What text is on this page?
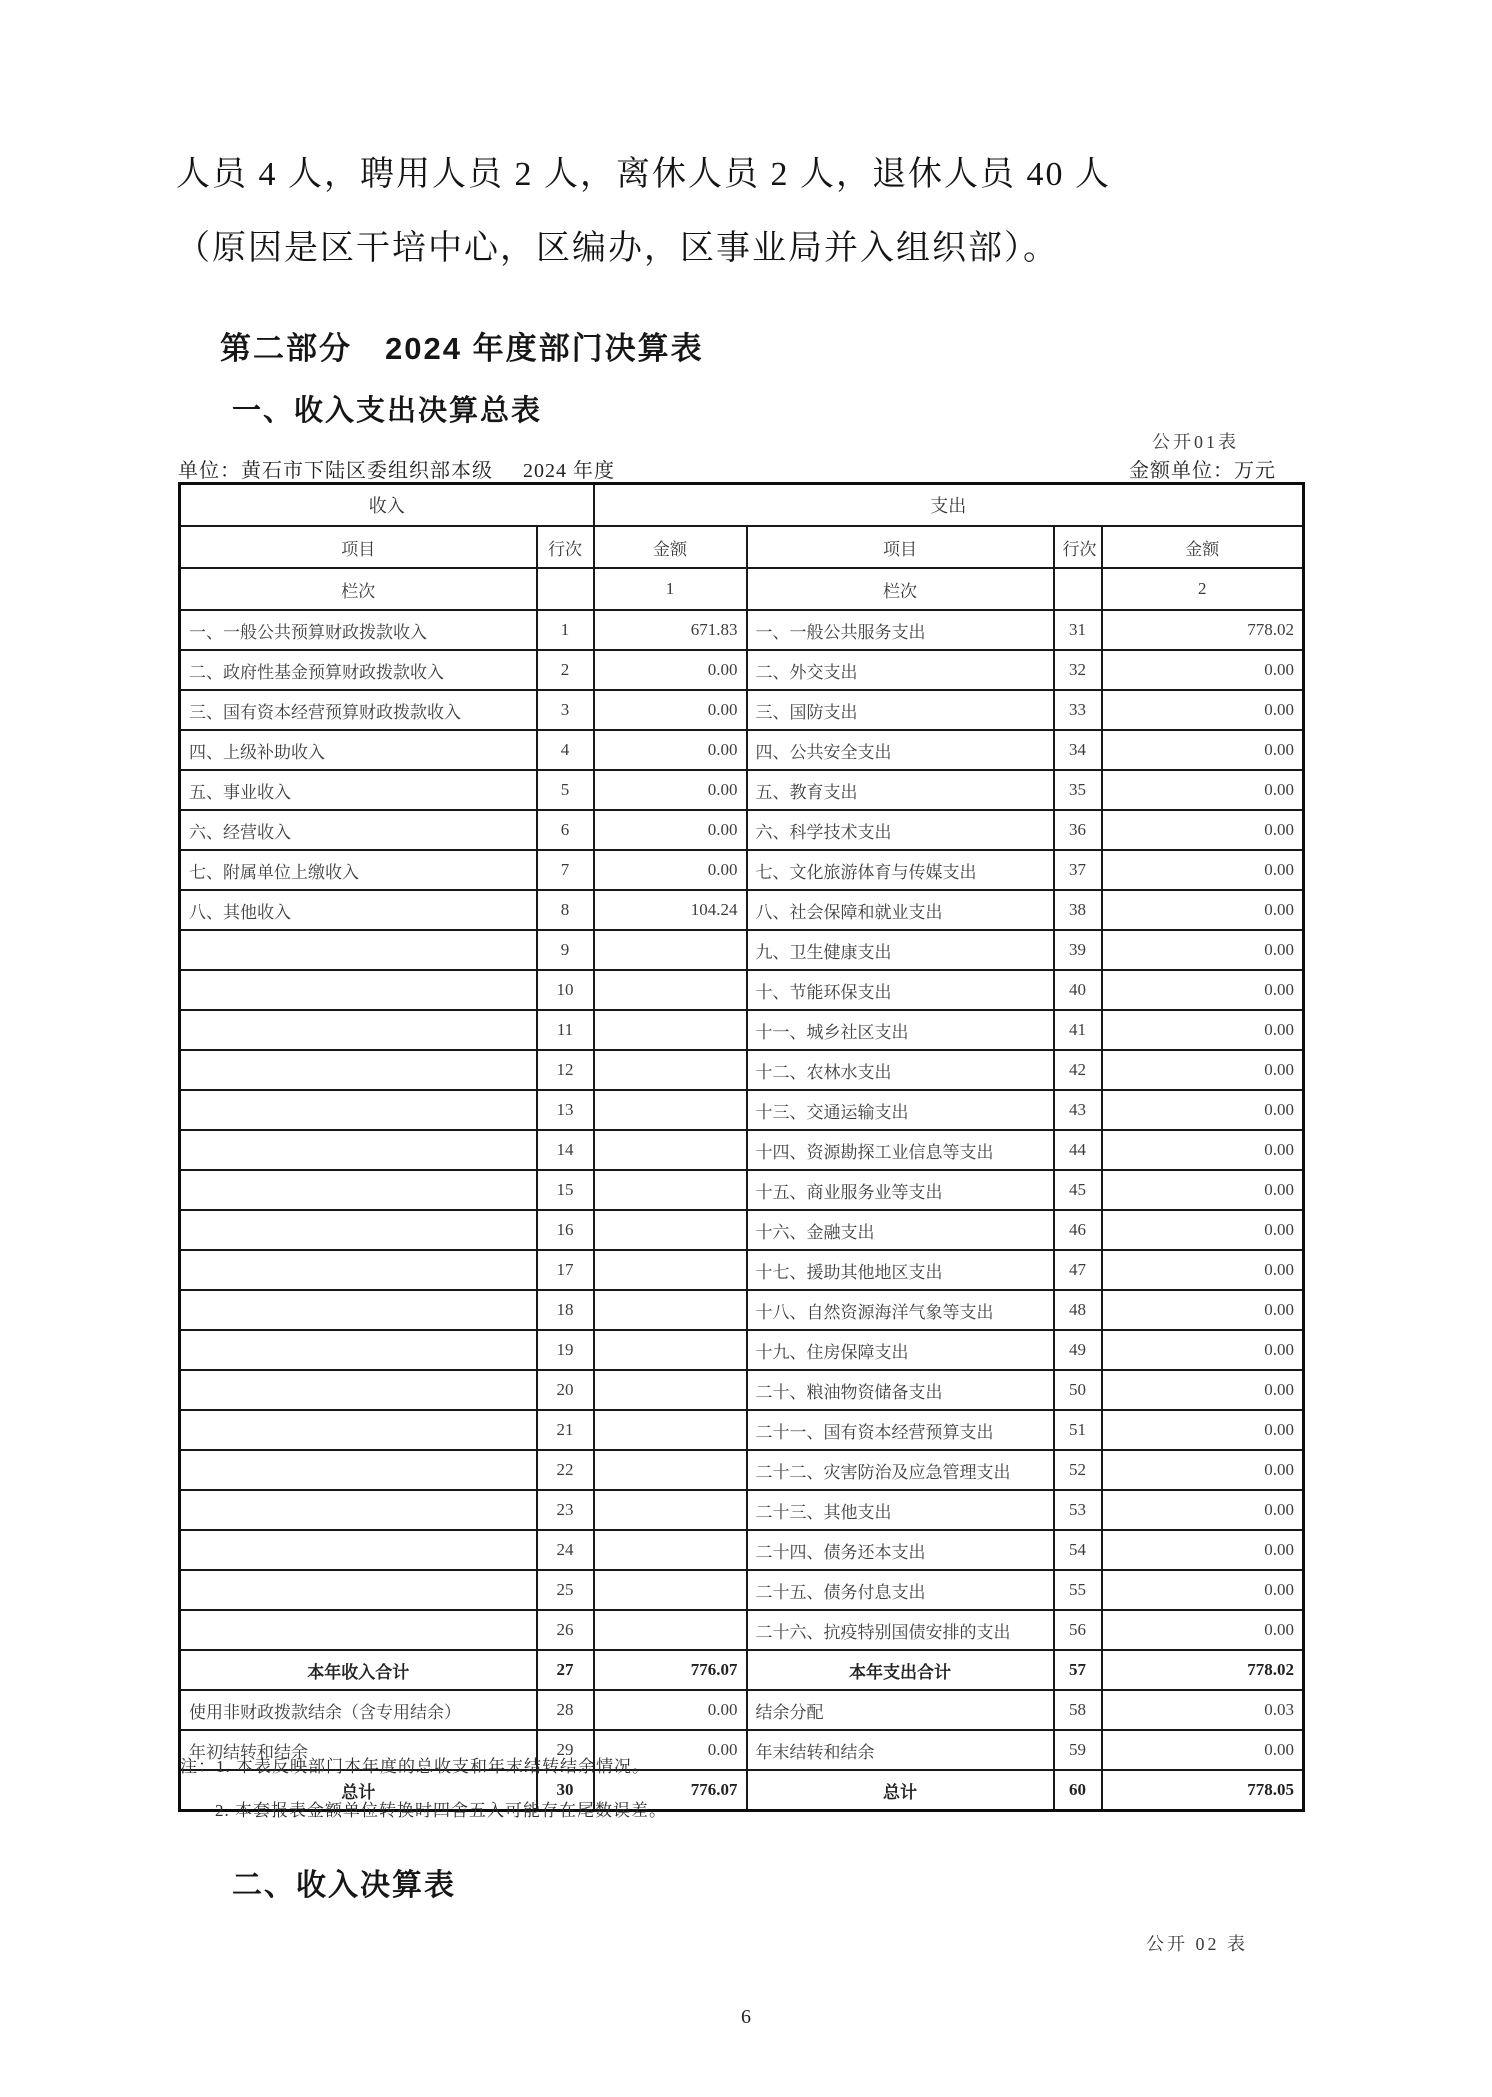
人员 4 人，聘用人员 2 人，离休人员 2 人，退休人员 40 人
（原因是区干培中心，区编办，区事业局并入组织部）。
第二部分　2024 年度部门决算表
一、收入支出决算总表
公开01表
单位：黄石市下陆区委组织部本级 2024 年度	金额单位：万元
收入		支出			
项目	行次	金额	项目	行次	金额
栏次		1	栏次		2
一、一般公共预算财政拨款收入	1	671.83	一、一般公共服务支出	31	778.02
二、政府性基金预算财政拨款收入	2	0.00	二、外交支出	32	0.00
三、国有资本经营预算财政拨款收入	3	0.00	三、国防支出	33	0.00
四、上级补助收入	4	0.00	四、公共安全支出	34	0.00
五、事业收入	5	0.00	五、教育支出	35	0.00
六、经营收入	6	0.00	六、科学技术支出	36	0.00
七、附属单位上缴收入	7	0.00	七、文化旅游体育与传媒支出	37	0.00
八、其他收入	8	104.24	八、社会保障和就业支出	38	0.00
	9		九、卫生健康支出	39	0.00
	10		十、节能环保支出	40	0.00
	11		十一、城乡社区支出	41	0.00
	12		十二、农林水支出	42	0.00
	13		十三、交通运输支出	43	0.00
	14		十四、资源勘探工业信息等支出	44	0.00
	15		十五、商业服务业等支出	45	0.00
	16		十六、金融支出	46	0.00
	17		十七、援助其他地区支出	47	0.00
	18		十八、自然资源海洋气象等支出	48	0.00
	19		十九、住房保障支出	49	0.00
	20		二十、粮油物资储备支出	50	0.00
	21		二十一、国有资本经营预算支出	51	0.00
	22		二十二、灾害防治及应急管理支出	52	0.00
	23		二十三、其他支出	53	0.00
	24		二十四、债务还本支出	54	0.00
	25		二十五、债务付息支出	55	0.00
	26		二十六、抗疫特别国债安排的支出	56	0.00
本年收入合计	27	776.07	本年支出合计	57	778.02
使用非财政拨款结余（含专用结余）	28	0.00	结余分配	58	0.03
年初结转和结余	29	0.00	年末结转和结余	59	0.00
总计	30	776.07	总计	60	778.05
注：1. 本表反映部门本年度的总收支和年末结转结余情况。
2. 本套报表金额单位转换时四舍五入可能存在尾数误差。
二、收入决算表
公开 02 表
6
